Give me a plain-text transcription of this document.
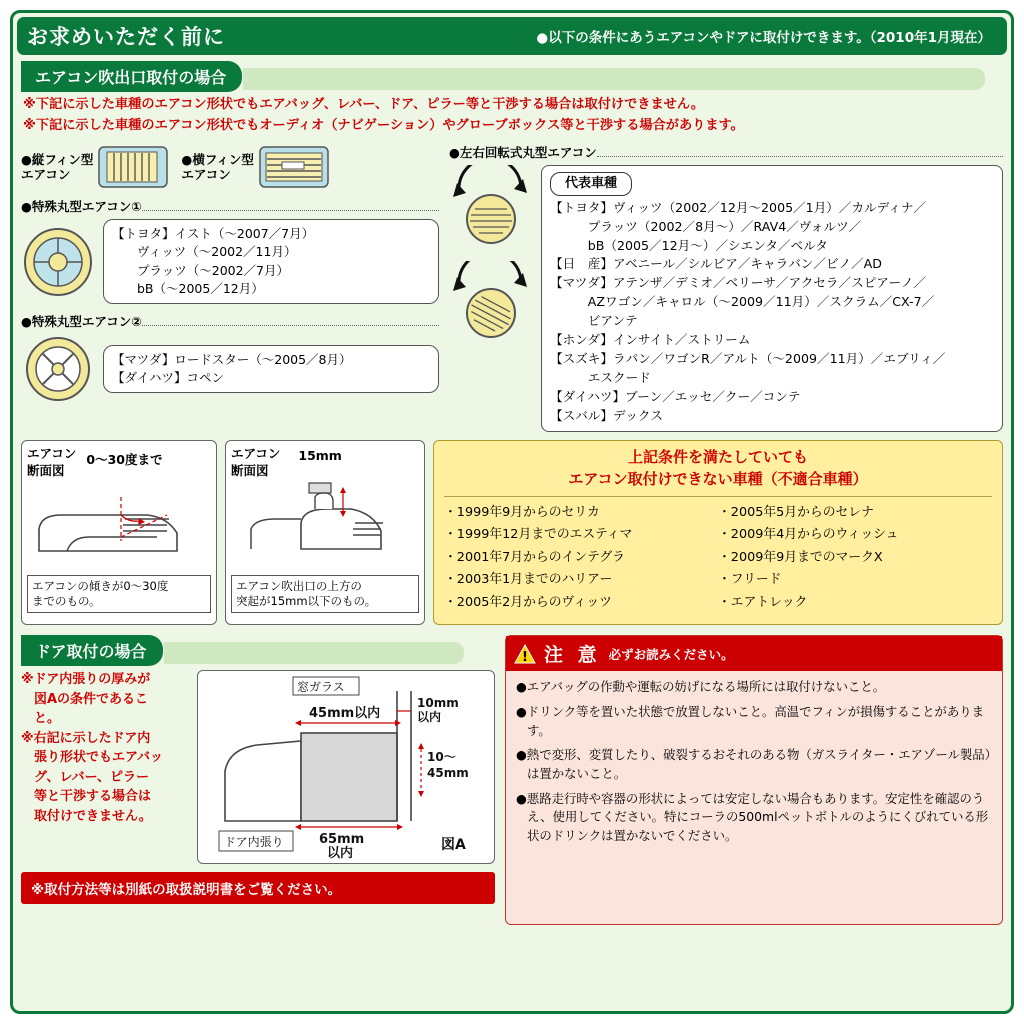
お求めいただく前に	●以下の条件にあうエアコンやドアに取付けできます。（2010年1月現在）
エアコン吹出口取付の場合
※下記に示した車種のエアコン形状でもエアバッグ、レバー、ドア、ピラー等と干渉する場合は取付けできません。
※下記に示した車種のエアコン形状でもオーディオ（ナビゲーション）やグローブボックス等と干渉する場合があります。
●縦フィン型
エアコン
●横フィン型
エアコン
●特殊丸型エアコン①
【トヨタ】イスト（～2007／7月）
　　ヴィッツ（～2002／11月）
　　プラッツ（～2002／7月）
　　bB（～2005／12月）
●特殊丸型エアコン②
【マツダ】ロードスター（～2005／8月）
【ダイハツ】コペン
●左右回転式丸型エアコン

代表車種
【トヨタ】ヴィッツ（2002／12月～2005／1月）／カルディナ／
　　　プラッツ（2002／8月～）／RAV4／ヴォルツ／
　　　bB（2005／12月～）／シエンタ／ベルタ
【日　産】アベニール／シルビア／キャラバン／ビノ／AD
【マツダ】アテンザ／デミオ／ベリーサ／アクセラ／スピアーノ／
　　　AZワゴン／キャロル（～2009／11月）／スクラム／CX-7／
　　　ビアンテ
【ホンダ】インサイト／ストリーム
【スズキ】ラパン／ワゴンR／アルト（～2009／11月）／エブリィ／
　　　エスクード
【ダイハツ】ブーン／エッセ／クー／コンテ
【スバル】デックス
エアコン
断面図
0～30度まで
エアコンの傾きが0～30度
までのもの。
エアコン
断面図
15mm
エアコン吹出口の上方の
突起が15mm以下のもの。
上記条件を満たしていても
エアコン取付けできない車種（不適合車種）
・1999年9月からのセリカ
・1999年12月までのエスティマ
・2001年7月からのインテグラ
・2003年1月までのハリアー
・2005年2月からのヴィッツ
・2005年5月からのセレナ
・2009年4月からのウィッシュ
・2009年9月までのマークX
・フリード
・エアトレック
ドア取付の場合
※ドア内張りの厚みが
　図Aの条件であるこ
　と。
※右記に示したドア内
　張り形状でもエアバッ
　グ、レバー、ピラー
　等と干渉する場合は
　取付けできません。
窓ガラス
45mm以内
10mm
以内
10～
45mm
65mm
以内
ドア内張り	図A
※取付方法等は別紙の取扱説明書をご覧ください。
! 注 意 必ずお読みください。

●エアバッグの作動や運転の妨げになる場所には取付けないこと。

●ドリンク等を置いた状態で放置しないこと。高温でフィンが損傷することがあります。

●熱で変形、変質したり、破裂するおそれのある物（ガスライター・エアゾール製品）は置かないこと。

●悪路走行時や容器の形状によっては安定しない場合もあります。安定性を確認のうえ、使用してください。特にコーラの500mlペットボトルのようにくびれている形状のドリンクは置かないでください。
